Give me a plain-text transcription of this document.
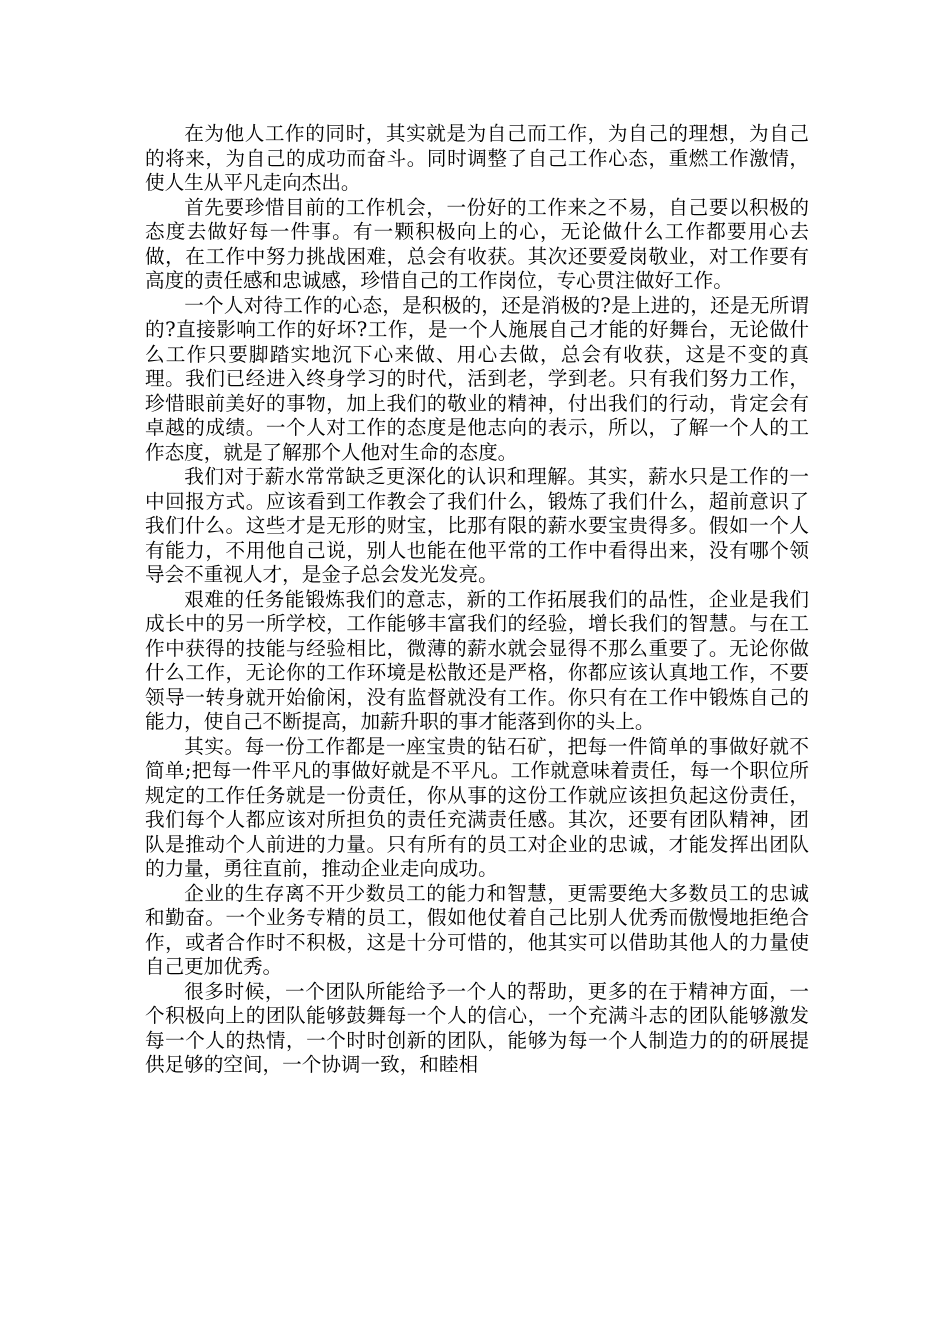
在为他人工作的同时，其实就是为自己而工作，为自己的理想，为自己的将来，为自己的成功而奋斗。同时调整了自己工作心态，重燃工作激情，使人生从平凡走向杰出。

首先要珍惜目前的工作机会，一份好的工作来之不易，自己要以积极的态度去做好每一件事。有一颗积极向上的心，无论做什么工作都要用心去做，在工作中努力挑战困难，总会有收获。其次还要爱岗敬业，对工作要有高度的责任感和忠诚感，珍惜自己的工作岗位，专心贯注做好工作。

一个人对待工作的心态，是积极的，还是消极的?是上进的，还是无所谓的?直接影响工作的好坏?工作，是一个人施展自己才能的好舞台，无论做什么工作只要脚踏实地沉下心来做、用心去做，总会有收获，这是不变的真理。我们已经进入终身学习的时代，活到老，学到老。只有我们努力工作，珍惜眼前美好的事物，加上我们的敬业的精神，付出我们的行动，肯定会有卓越的成绩。一个人对工作的态度是他志向的表示，所以，了解一个人的工作态度，就是了解那个人他对生命的态度。

我们对于薪水常常缺乏更深化的认识和理解。其实，薪水只是工作的一中回报方式。应该看到工作教会了我们什么，锻炼了我们什么，超前意识了我们什么。这些才是无形的财宝，比那有限的薪水要宝贵得多。假如一个人有能力，不用他自己说，别人也能在他平常的工作中看得出来，没有哪个领导会不重视人才，是金子总会发光发亮。

艰难的任务能锻炼我们的意志，新的工作拓展我们的品性，企业是我们成长中的另一所学校，工作能够丰富我们的经验，增长我们的智慧。与在工作中获得的技能与经验相比，微薄的薪水就会显得不那么重要了。无论你做什么工作，无论你的工作环境是松散还是严格，你都应该认真地工作，不要领导一转身就开始偷闲，没有监督就没有工作。你只有在工作中锻炼自己的能力，使自己不断提高，加薪升职的事才能落到你的头上。

其实。每一份工作都是一座宝贵的钻石矿，把每一件简单的事做好就不简单;把每一件平凡的事做好就是不平凡。工作就意味着责任，每一个职位所规定的工作任务就是一份责任，你从事的这份工作就应该担负起这份责任，我们每个人都应该对所担负的责任充满责任感。其次，还要有团队精神，团队是推动个人前进的力量。只有所有的员工对企业的忠诚，才能发挥出团队的力量，勇往直前，推动企业走向成功。

企业的生存离不开少数员工的能力和智慧，更需要绝大多数员工的忠诚和勤奋。一个业务专精的员工，假如他仗着自己比别人优秀而傲慢地拒绝合作，或者合作时不积极，这是十分可惜的，他其实可以借助其他人的力量使自己更加优秀。

很多时候，一个团队所能给予一个人的帮助，更多的在于精神方面，一个积极向上的团队能够鼓舞每一个人的信心，一个充满斗志的团队能够激发每一个人的热情，一个时时创新的团队，能够为每一个人制造力的的研展提供足够的空间，一个协调一致，和睦相
